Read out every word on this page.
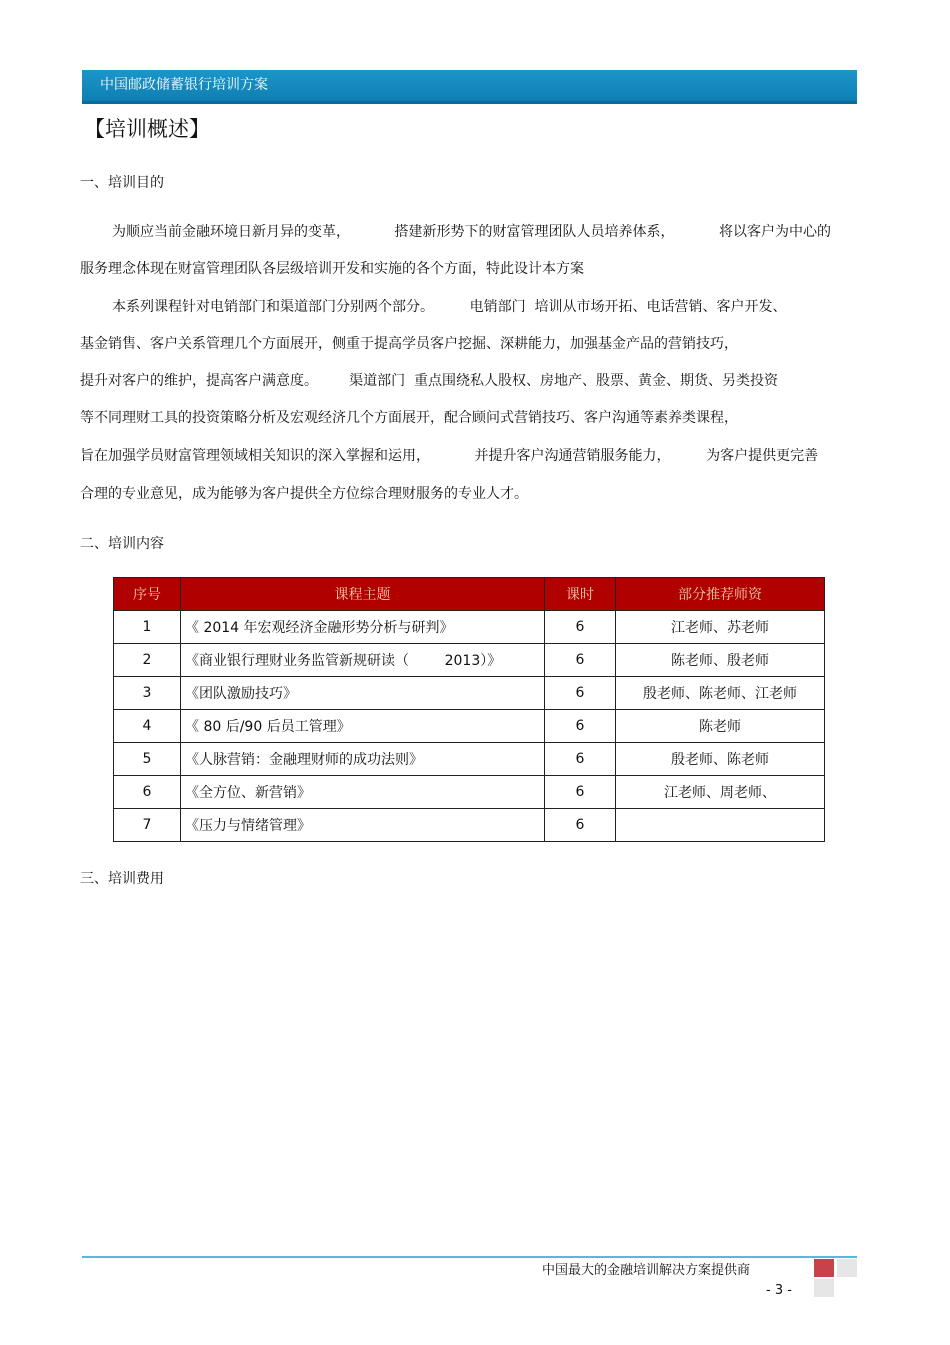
中国邮政储蓄银行培训方案
【培训概述】
一、培训目的
为顺应当前金融环境日新月异的变革，          搭建新形势下的财富管理团队人员培养体系，          将以客户为中心的
服务理念体现在财富管理团队各层级培训开发和实施的各个方面，特此设计本方案
本系列课程针对电销部门和渠道部门分别两个部分。        电销部门  培训从市场开拓、电话营销、客户开发、
基金销售、客户关系管理几个方面展开，侧重于提高学员客户挖掘、深耕能力，加强基金产品的营销技巧，
提升对客户的维护，提高客户满意度。       渠道部门  重点围绕私人股权、房地产、股票、黄金、期货、另类投资
等不同理财工具的投资策略分析及宏观经济几个方面展开，配合顾问式营销技巧、客户沟通等素养类课程，
旨在加强学员财富管理领域相关知识的深入掌握和运用，          并提升客户沟通营销服务能力，        为客户提供更完善
合理的专业意见，成为能够为客户提供全方位综合理财服务的专业人才。
二、培训内容
序号	课程主题	课时	部分推荐师资
1	《 2014 年宏观经济金融形势分析与研判》	6	江老师、苏老师
2	《商业银行理财业务监管新规研读（        2013）》	6	陈老师、殷老师
3	《团队激励技巧》	6	殷老师、陈老师、江老师
4	《 80 后/90 后员工管理》	6	陈老师
5	《人脉营销：金融理财师的成功法则》	6	殷老师、陈老师
6	《全方位、新营销》	6	江老师、周老师、
7	《压力与情绪管理》	6	
三、培训费用
中国最大的金融培训解决方案提供商
- 3 -
